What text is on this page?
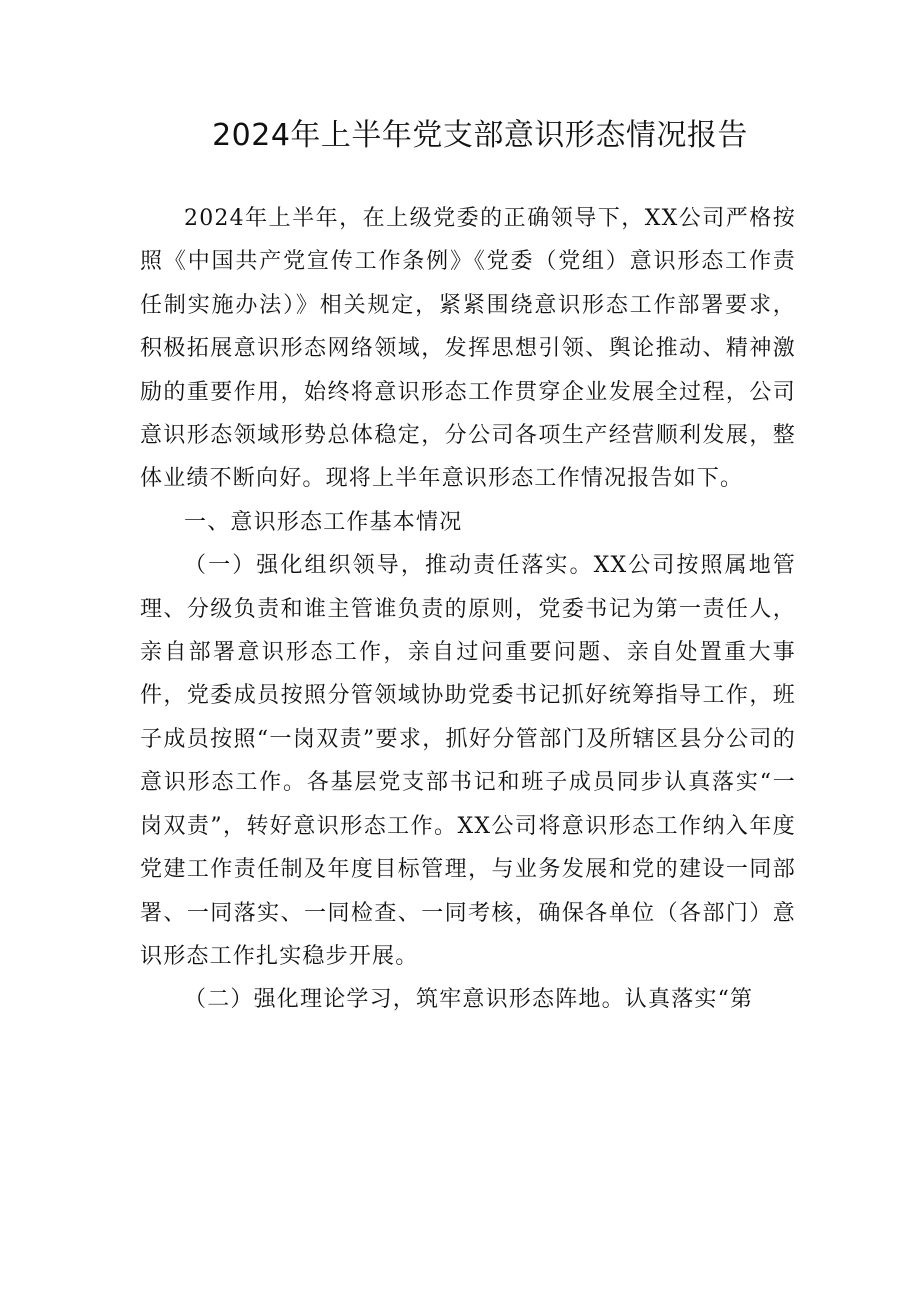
2024年上半年党支部意识形态情况报告

2024年上半年，在上级党委的正确领导下，XX公司严格按照《中国共产党宣传工作条例》《党委（党组）意识形态工作责任制实施办法）》相关规定，紧紧围绕意识形态工作部署要求，积极拓展意识形态网络领域，发挥思想引领、舆论推动、精神激励的重要作用，始终将意识形态工作贯穿企业发展全过程，公司意识形态领域形势总体稳定，分公司各项生产经营顺利发展，整体业绩不断向好。现将上半年意识形态工作情况报告如下。

一、意识形态工作基本情况

（一）强化组织领导，推动责任落实。XX公司按照属地管理、分级负责和谁主管谁负责的原则，党委书记为第一责任人，亲自部署意识形态工作，亲自过问重要问题、亲自处置重大事件，党委成员按照分管领域协助党委书记抓好统筹指导工作，班子成员按照“一岗双责”要求，抓好分管部门及所辖区县分公司的意识形态工作。各基层党支部书记和班子成员同步认真落实“一岗双责”，转好意识形态工作。XX公司将意识形态工作纳入年度党建工作责任制及年度目标管理，与业务发展和党的建设一同部署、一同落实、一同检查、一同考核，确保各单位（各部门）意识形态工作扎实稳步开展。

（二）强化理论学习，筑牢意识形态阵地。认真落实“第
